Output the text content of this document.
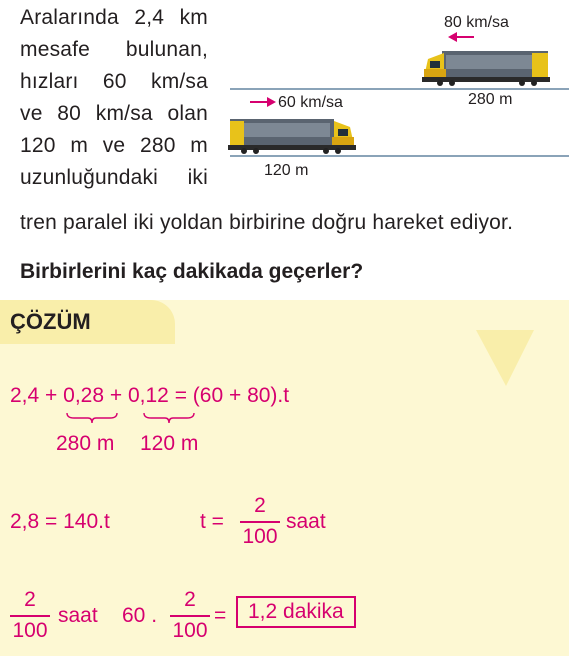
Aralarında 2,4 km
mesafe bulunan,
hızları 60 km/sa
ve 80 km/sa olan
120 m ve 280 m
uzunluğundaki iki
tren paralel iki yoldan birbirine doğru hareket ediyor.
Birbirlerini kaç dakikada geçerler?
80 km/sa
280 m
60 km/sa
120 m
ÇÖZÜM
2,4 + 0,28 + 0,12 = (60 + 80).t
280 m 120 m
2,8 = 140.t	t =
2
100
saat
2
100
saat 60 .
2
100
=	1,2 dakika
